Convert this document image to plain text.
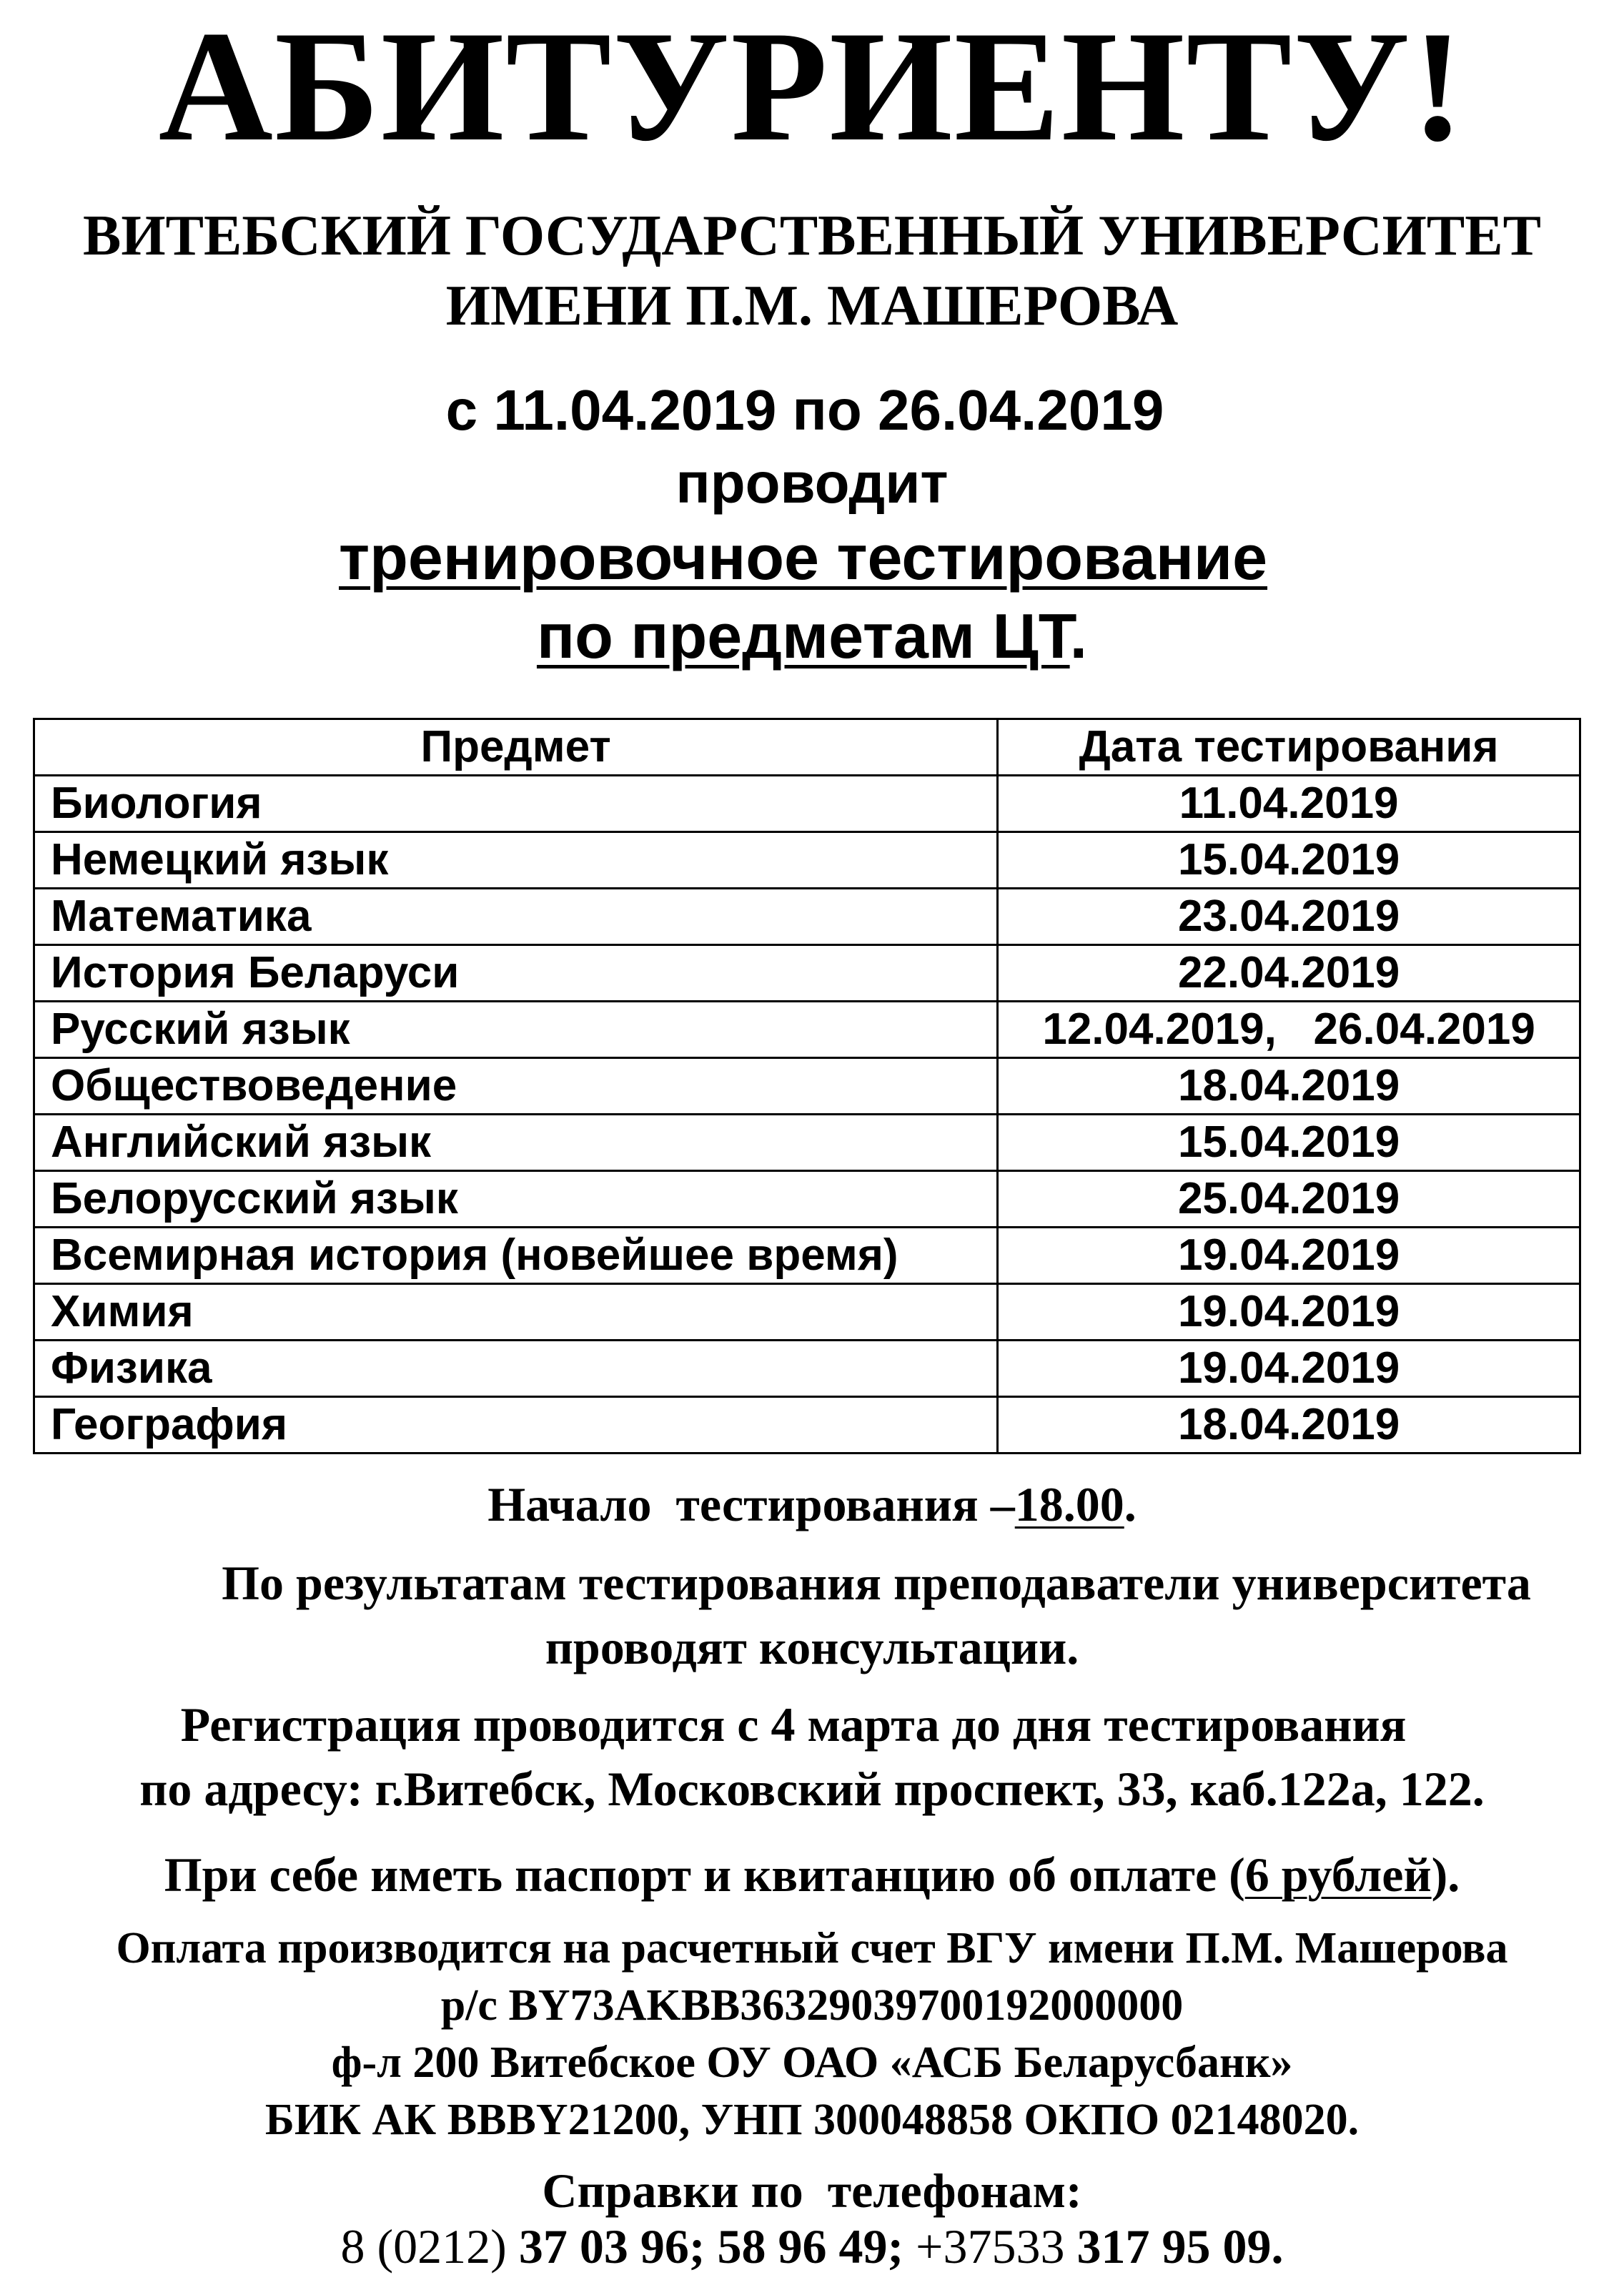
АБИТУРИЕНТУ!
ВИТЕБСКИЙ ГОСУДАРСТВЕННЫЙ УНИВЕРСИТЕТ
ИМЕНИ П.М. МАШЕРОВА
с 11.04.2019 по 26.04.2019
проводит
тренировочное тестирование
по предметам ЦТ.
Предмет	Дата тестирования
Биология	11.04.2019
Немецкий язык	15.04.2019
Математика	23.04.2019
История Беларуси	22.04.2019
Русский язык	12.04.2019,   26.04.2019
Обществоведение	18.04.2019
Английский язык	15.04.2019
Белорусский язык	25.04.2019
Всемирная история (новейшее время)	19.04.2019
Химия	19.04.2019
Физика	19.04.2019
География	18.04.2019
Начало  тестирования –18.00.
По результатам тестирования преподаватели университета
проводят консультации.
Регистрация проводится с 4 марта до дня тестирования
по адресу: г.Витебск, Московский проспект, 33, каб.122а, 122.
При себе иметь паспорт и квитанцию об оплате (6 рублей).
Оплата производится на расчетный счет ВГУ имени П.М. Машерова
р/с BY73AKBB36329039700192000000
ф-л 200 Витебское ОУ ОАО «АСБ Беларусбанк»
БИК АК BBBY21200, УНП 300048858 ОКПО 02148020.
Справки по  телефонам:
8 (0212) 37 03 96; 58 96 49; +37533 317 95 09.
